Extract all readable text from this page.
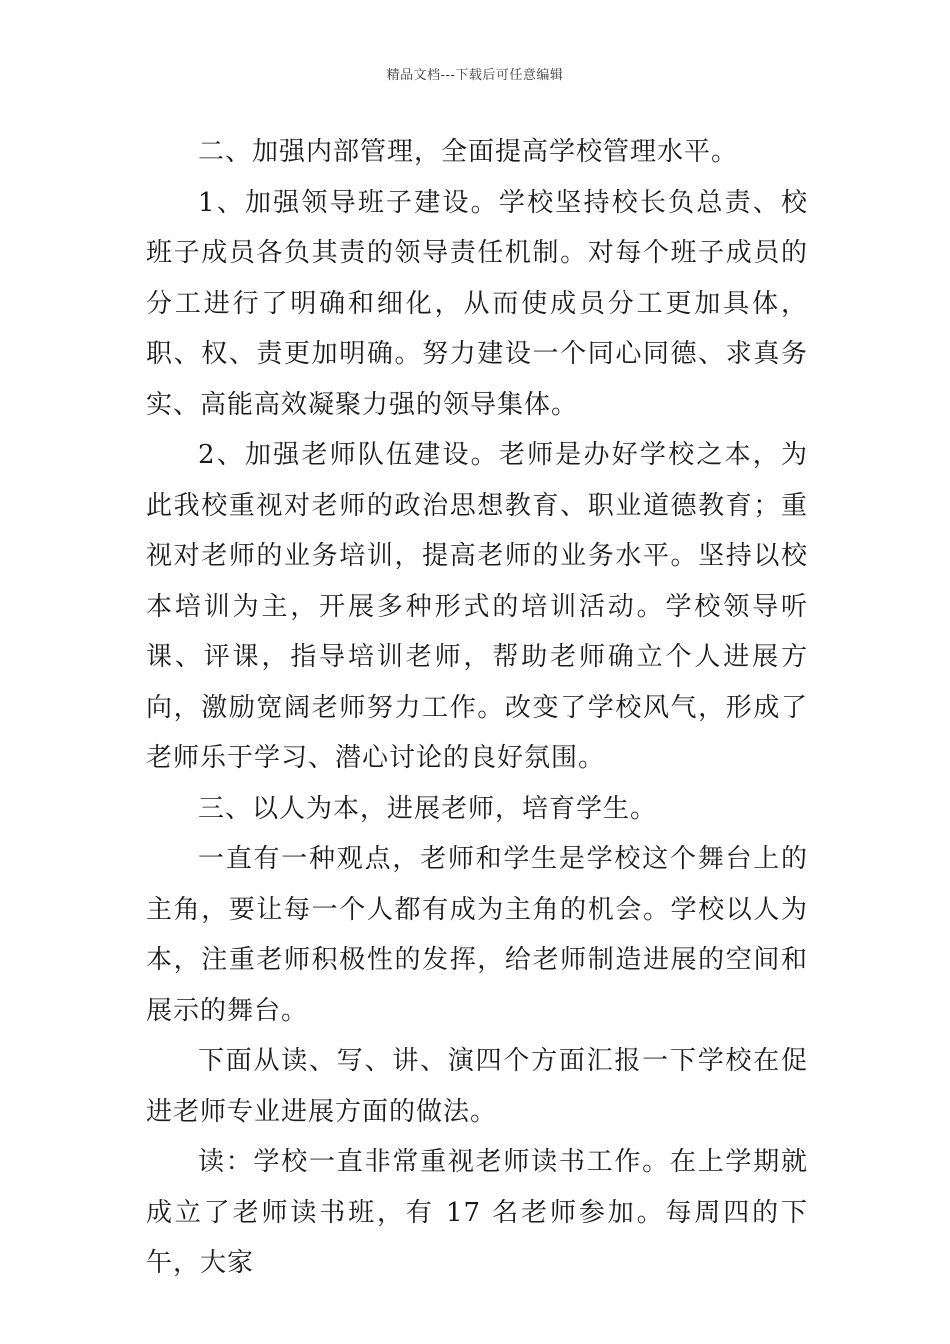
精品文档---下载后可任意编辑

二、加强内部管理，全面提高学校管理水平。

1、加强领导班子建设。学校坚持校长负总责、校班子成员各负其责的领导责任机制。对每个班子成员的分工进行了明确和细化，从而使成员分工更加具体，职、权、责更加明确。努力建设一个同心同德、求真务实、高能高效凝聚力强的领导集体。

2、加强老师队伍建设。老师是办好学校之本，为此我校重视对老师的政治思想教育、职业道德教育；重视对老师的业务培训，提高老师的业务水平。坚持以校本培训为主，开展多种形式的培训活动。学校领导听课、评课，指导培训老师，帮助老师确立个人进展方向，激励宽阔老师努力工作。改变了学校风气，形成了老师乐于学习、潜心讨论的良好氛围。

三、以人为本，进展老师，培育学生。

一直有一种观点，老师和学生是学校这个舞台上的主角，要让每一个人都有成为主角的机会。学校以人为本，注重老师积极性的发挥，给老师制造进展的空间和展示的舞台。

下面从读、写、讲、演四个方面汇报一下学校在促进老师专业进展方面的做法。

读：学校一直非常重视老师读书工作。在上学期就成立了老师读书班，有 17 名老师参加。每周四的下午，大家
